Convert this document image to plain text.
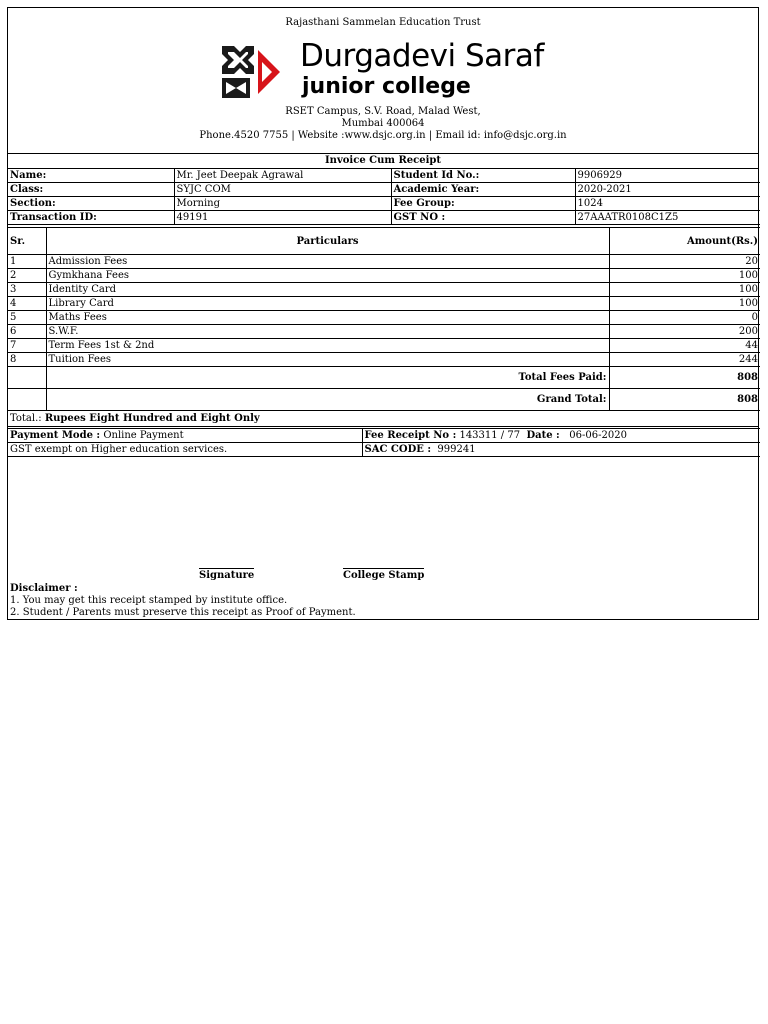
Rajasthani Sammelan Education Trust
Durgadevi Saraf
junior college
RSET Campus, S.V. Road, Malad West,
Mumbai 400064
Phone.4520 7755 | Website :www.dsjc.org.in | Email id: info@dsjc.org.in
Invoice Cum Receipt
Name:	Mr. Jeet Deepak Agrawal	Student Id No.:	9906929
Class:	SYJC COM	Academic Year:	2020-2021
Section:	Morning	Fee Group:	1024
Transaction ID:	49191	GST NO :	27AAATR0108C1Z5
Sr.	Particulars	Amount(Rs.)
1	Admission Fees	20
2	Gymkhana Fees	100
3	Identity Card	100
4	Library Card	100
5	Maths Fees	0
6	S.W.F.	200
7	Term Fees 1st & 2nd	44
8	Tuition Fees	244
	Total Fees Paid:	808
	Grand Total:	808
Total.: Rupees Eight Hundred and Eight Only
Payment Mode : Online Payment	Fee Receipt No : 143311 / 77 Date : 06-06-2020
GST exempt on Higher education services.	SAC CODE : 999241
Signature	College Stamp
Disclaimer :
1. You may get this receipt stamped by institute office.
2. Student / Parents must preserve this receipt as Proof of Payment.
